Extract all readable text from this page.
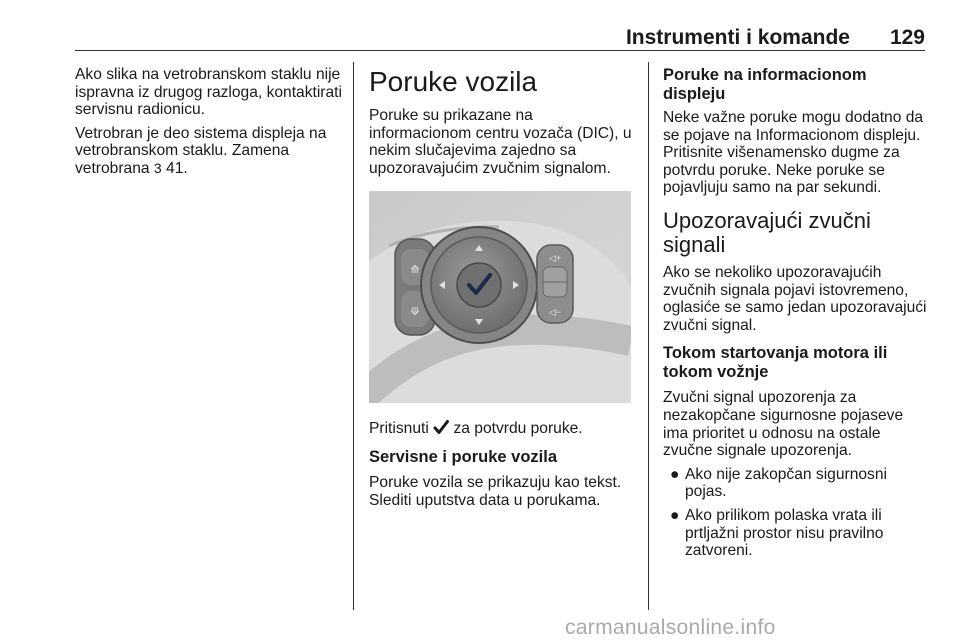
Instrumenti i komande 129

Ako slika na vetrobranskom staklu nije ispravna iz drugog razloga, kontaktirati servisnu radionicu.

Vetrobran je deo sistema displeja na vetrobranskom staklu. Zamena vetrobrana 3 41.

Poruke vozila

Poruke su prikazane na informacionom centru vozača (DIC), u nekim slučajevima zajedno sa upozoravajućim zvučnim signalom.

⟰
⟱
◁+
◁−

Pritisnuti za potvrdu poruke.

Servisne i poruke vozila

Poruke vozila se prikazuju kao tekst. Slediti uputstva data u porukama.

Poruke na informacionom displeju

Neke važne poruke mogu dodatno da se pojave na Informacionom displeju. Pritisnite višenamensko dugme za potvrdu poruke. Neke poruke se pojavljuju samo na par sekundi.

Upozoravajući zvučni signali

Ako se nekoliko upozoravajućih zvučnih signala pojavi istovremeno, oglasiće se samo jedan upozoravajući zvučni signal.

Tokom startovanja motora ili tokom vožnje

Zvučni signal upozorenja za nezakopčane sigurnosne pojaseve ima prioritet u odnosu na ostale zvučne signale upozorenja.

● Ako nije zakopčan sigurnosni pojas.
● Ako prilikom polaska vrata ili prtljažni prostor nisu pravilno zatvoreni.
carmanualsonline.info
